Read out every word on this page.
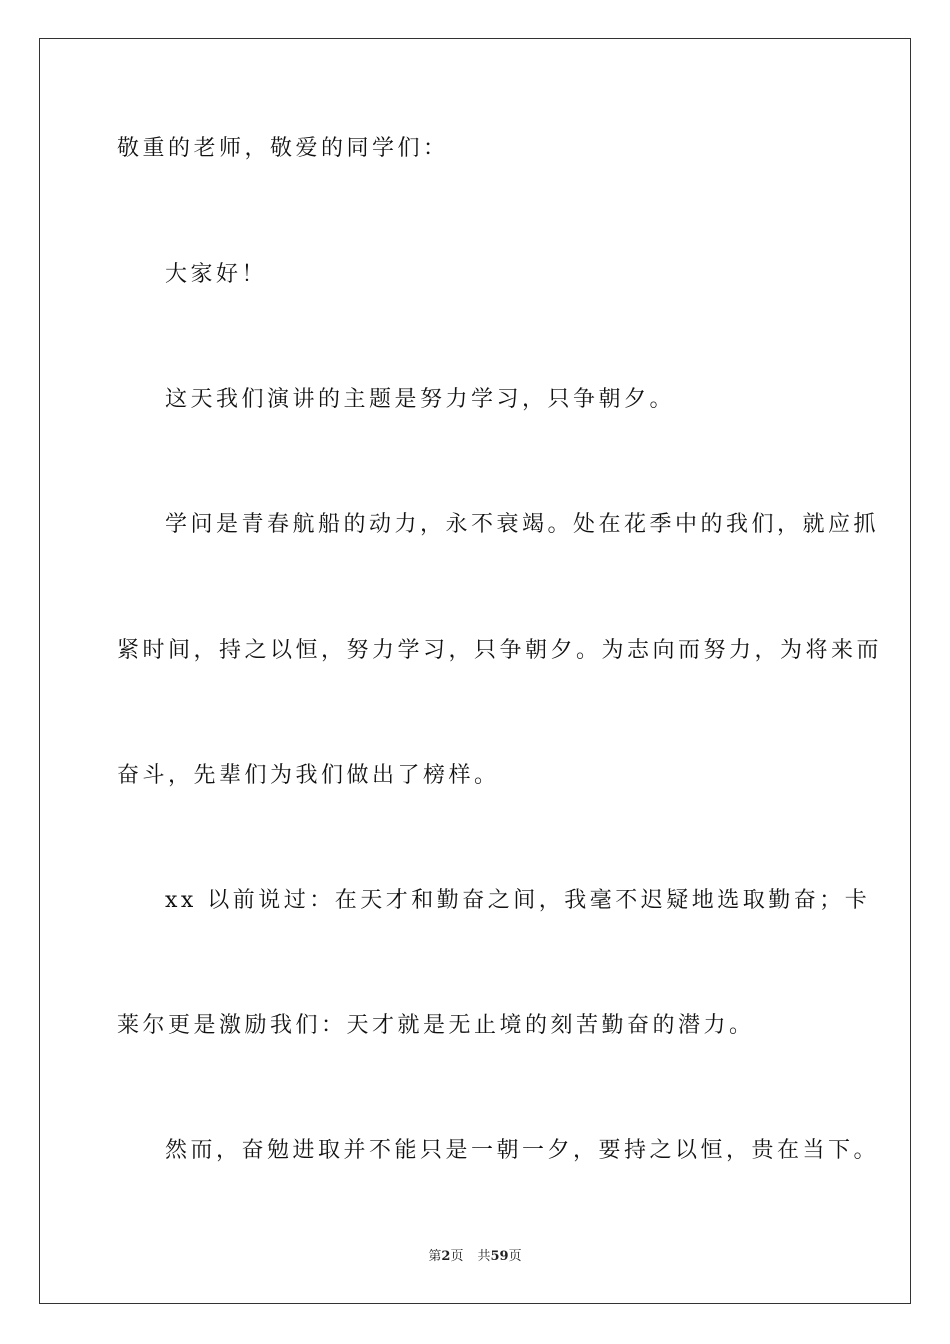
敬重的老师，敬爱的同学们：
大家好！
这天我们演讲的主题是努力学习，只争朝夕。
学问是青春航船的动力，永不衰竭。处在花季中的我们，就应抓
紧时间，持之以恒，努力学习，只争朝夕。为志向而努力，为将来而
奋斗，先辈们为我们做出了榜样。
xx 以前说过：在天才和勤奋之间，我毫不迟疑地选取勤奋；卡
莱尔更是激励我们：天才就是无止境的刻苦勤奋的潜力。
然而，奋勉进取并不能只是一朝一夕，要持之以恒，贵在当下。
第2页 共59页
